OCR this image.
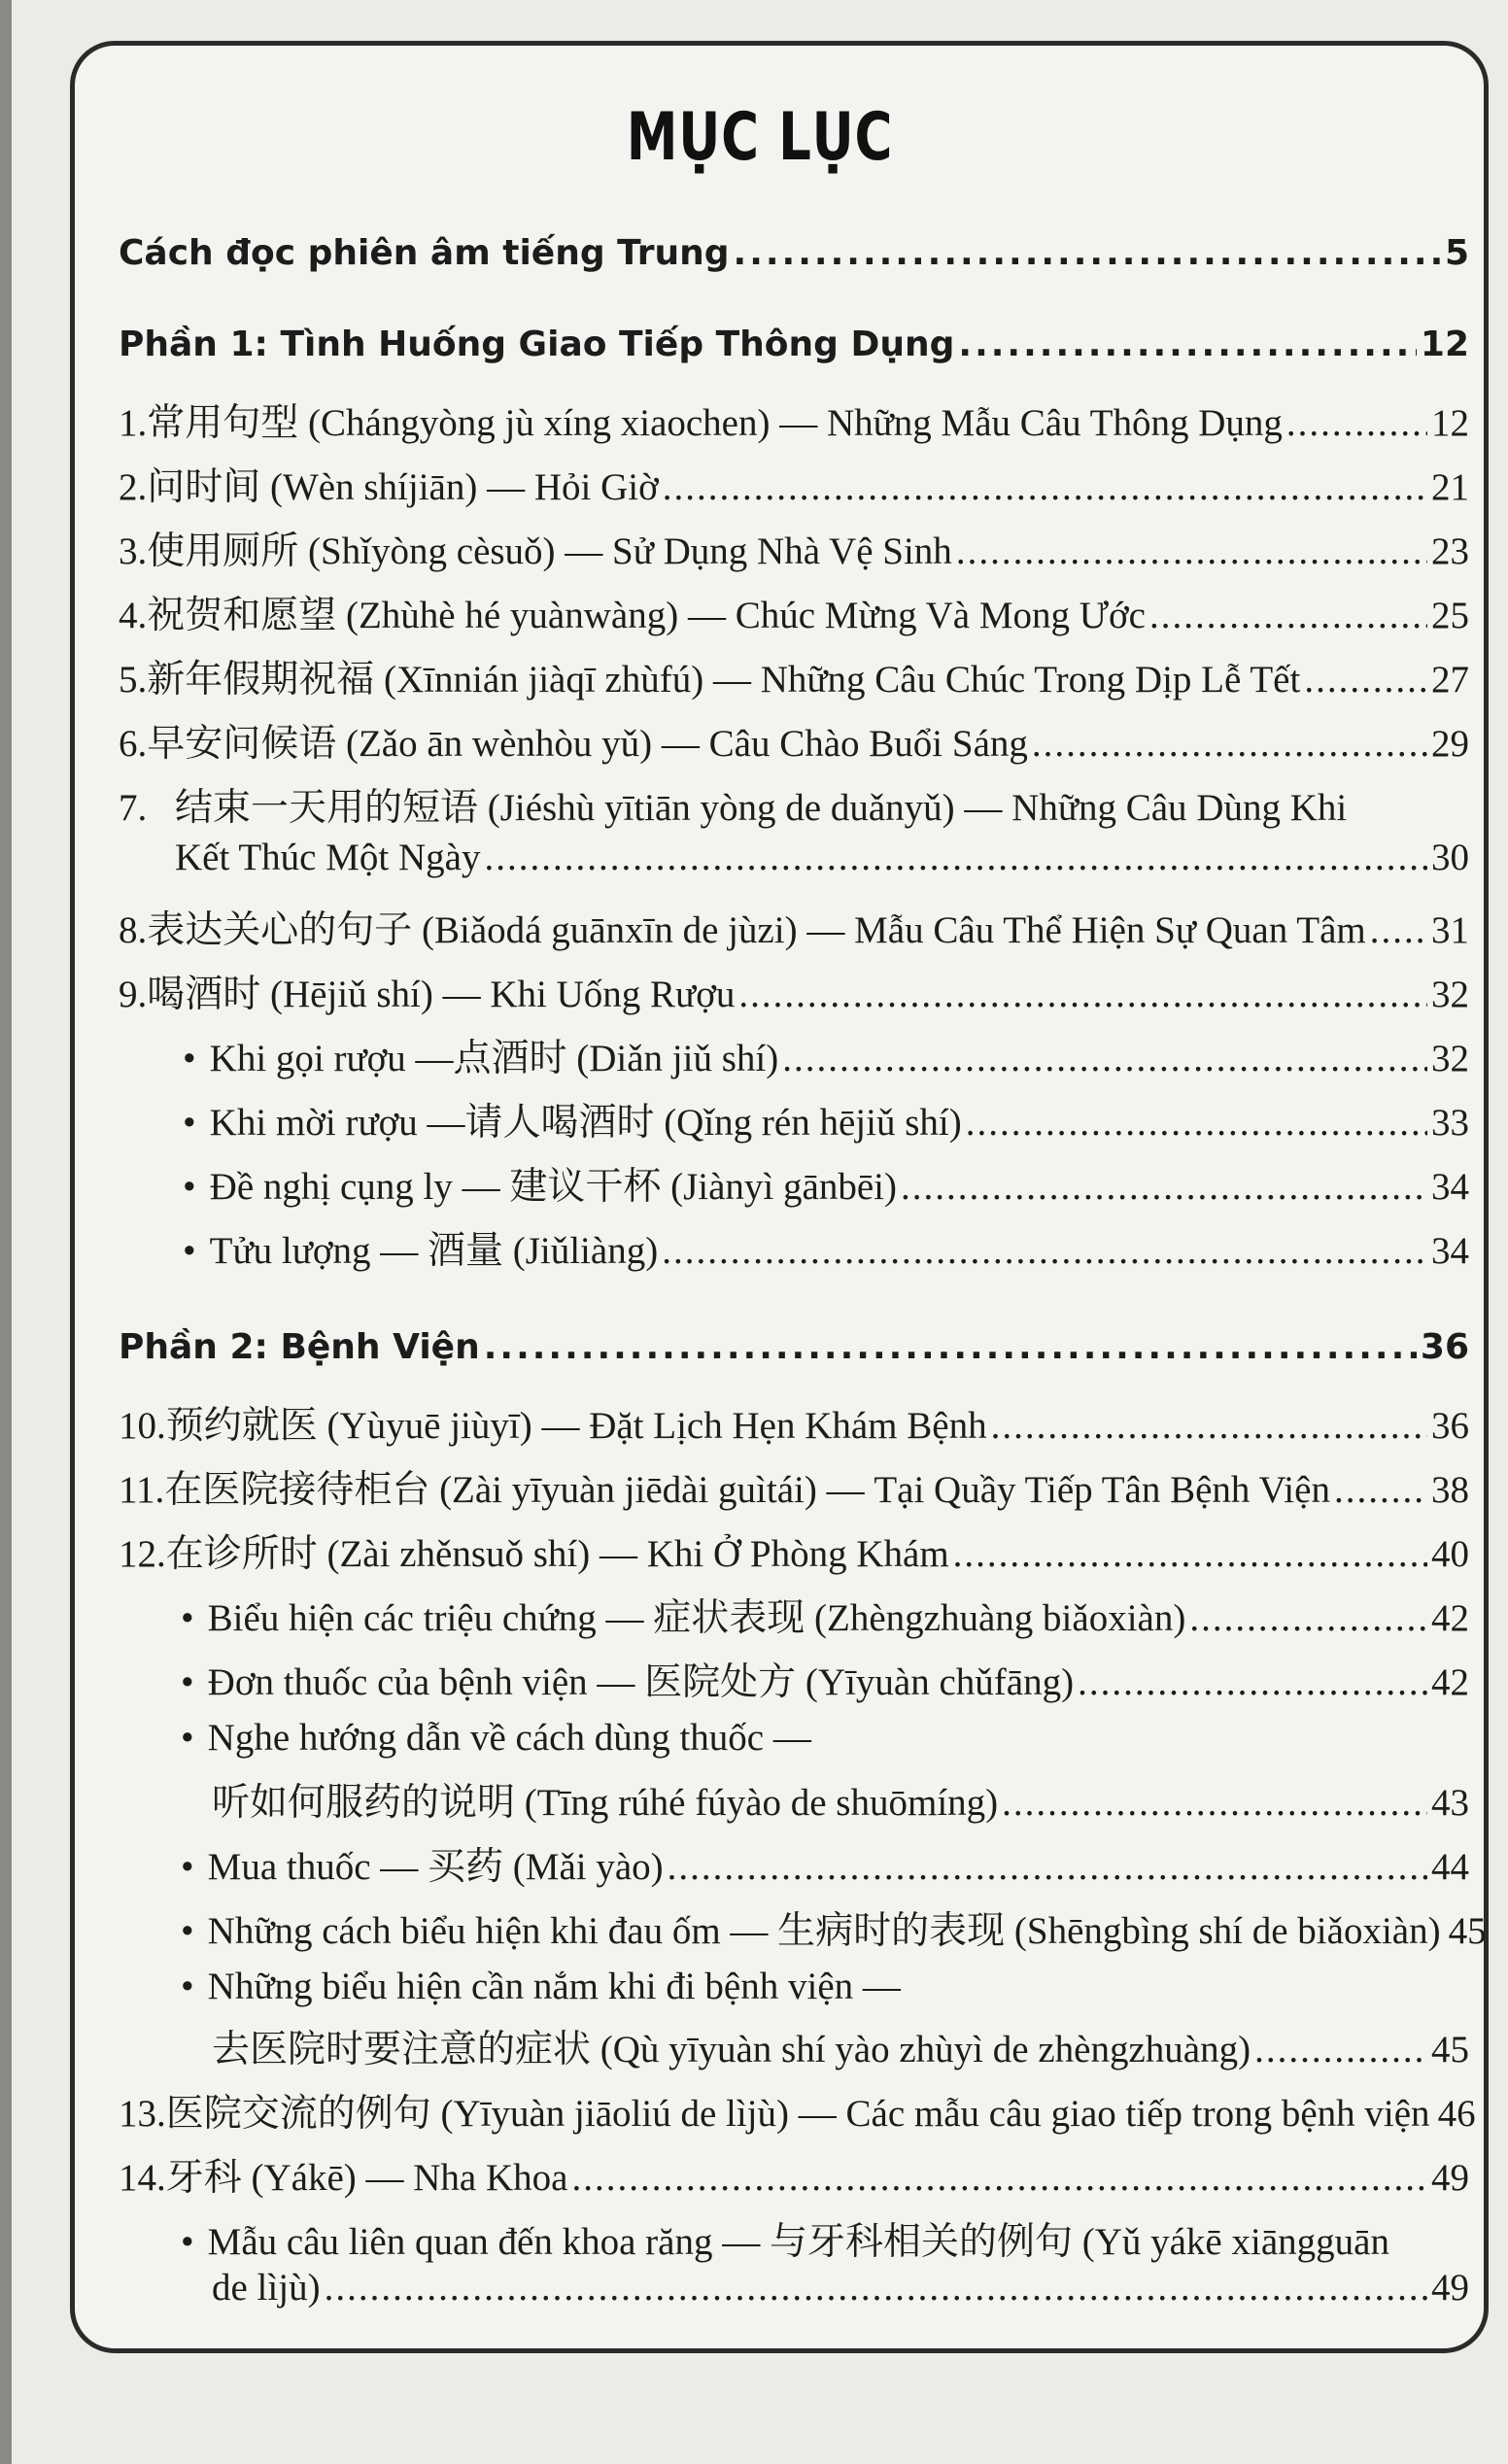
MỤC LỤC
Cách đọc phiên âm tiếng Trung .....	5
Phần 1: Tình Huống Giao Tiếp Thông Dụng .....	12
1. 常用句型 (Chángyòng jù xíng xiaochen) — Những Mẫu Câu Thông Dụng .....	12
2. 问时间 (Wèn shíjiān) — Hỏi Giờ .....	21
3. 使用厕所 (Shǐyòng cèsuǒ) — Sử Dụng Nhà Vệ Sinh .....	23
4. 祝贺和愿望 (Zhùhè hé yuànwàng) — Chúc Mừng Và Mong Ước .....	25
5. 新年假期祝福 (Xīnnián jiàqī zhùfú) — Những Câu Chúc Trong Dịp Lễ Tết .....	27
6. 早安问候语 (Zǎo ān wènhòu yǔ) — Câu Chào Buổi Sáng .....	29
7. 结束一天用的短语 (Jiéshù yītiān yòng de duǎnyǔ) — Những Câu Dùng Khi
Kết Thúc Một Ngày .....	30
8. 表达关心的句子 (Biǎodá guānxīn de jùzi) — Mẫu Câu Thể Hiện Sự Quan Tâm ..... 31
9. 喝酒时 (Hējiǔ shí) — Khi Uống Rượu .....	32
• Khi gọi rượu —点酒时 (Diǎn jiǔ shí) .....	32
• Khi mời rượu —请人喝酒时 (Qǐng rén hējiǔ shí) .....	33
• Đề nghị cụng ly — 建议干杯 (Jiànyì gānbēi) .....	34
• Tửu lượng — 酒量 (Jiǔliàng) .....	34
Phần 2: Bệnh Viện .....	36
10. 预约就医 (Yùyuē jiùyī) — Đặt Lịch Hẹn Khám Bệnh .....	36
11. 在医院接待柜台 (Zài yīyuàn jiēdài guìtái) — Tại Quầy Tiếp Tân Bệnh Viện .....	38
12. 在诊所时 (Zài zhěnsuǒ shí) — Khi Ở Phòng Khám .....	40
• Biểu hiện các triệu chứng — 症状表现 (Zhèngzhuàng biǎoxiàn) .....	42
• Đơn thuốc của bệnh viện — 医院处方 (Yīyuàn chǔfāng) .....	42
• Nghe hướng dẫn về cách dùng thuốc —
听如何服药的说明 (Tīng rúhé fúyào de shuōmíng) .....	43
• Mua thuốc — 买药 (Mǎi yào) .....	44
• Những cách biểu hiện khi đau ốm — 生病时的表现 (Shēngbìng shí de biǎoxiàn) 45
• Những biểu hiện cần nắm khi đi bệnh viện —
去医院时要注意的症状 (Qù yīyuàn shí yào zhùyì de zhèngzhuàng) .....	45
13. 医院交流的例句 (Yīyuàn jiāoliú de lìjù) — Các mẫu câu giao tiếp trong bệnh viện 46
14. 牙科 (Yákē) — Nha Khoa .....	49
• Mẫu câu liên quan đến khoa răng — 与牙科相关的例句 (Yǔ yákē xiāngguān
de lìjù) .....	49
